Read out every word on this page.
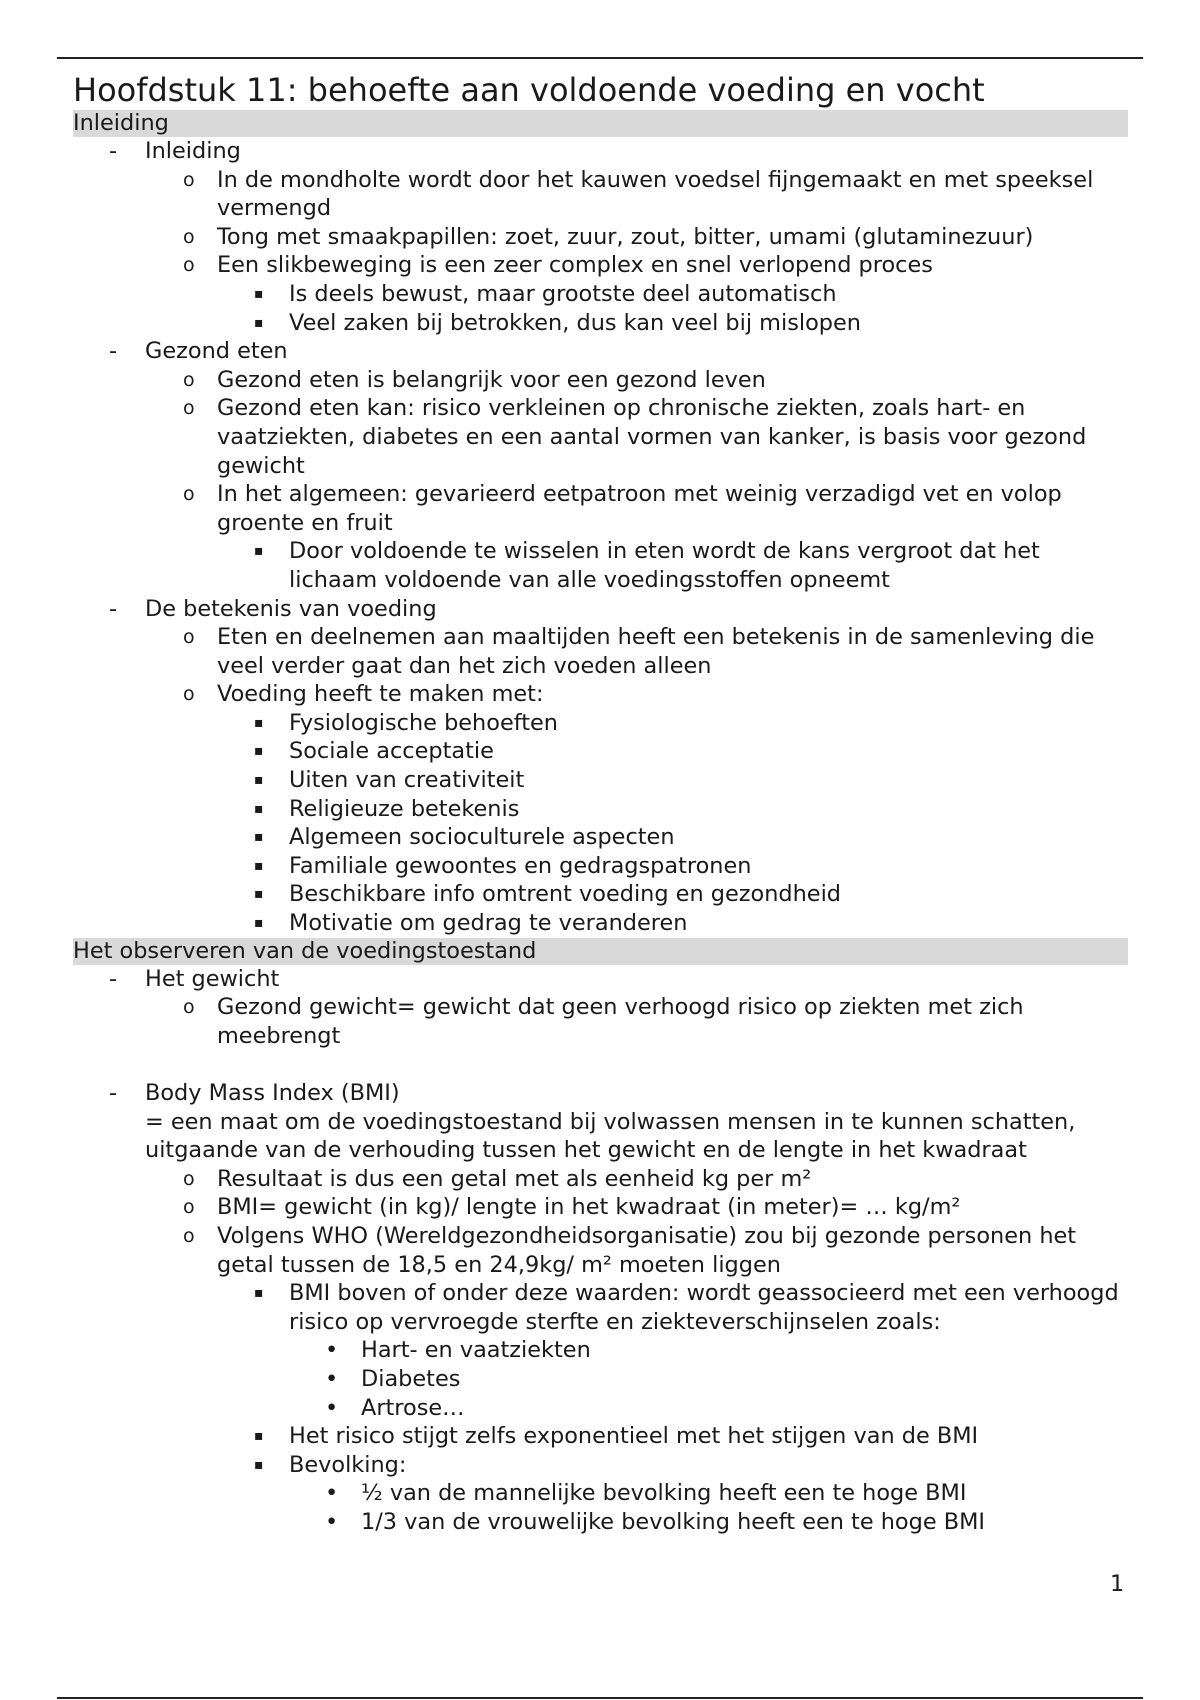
Hoofdstuk 11: behoefte aan voldoende voeding en vocht
Inleiding
- Inleiding
o In de mondholte wordt door het kauwen voedsel fijngemaakt en met speeksel vermengd
o Tong met smaakpapillen: zoet, zuur, zout, bitter, umami (glutaminezuur)
o Een slikbeweging is een zeer complex en snel verlopend proces
▪ Is deels bewust, maar grootste deel automatisch
▪ Veel zaken bij betrokken, dus kan veel bij mislopen
- Gezond eten
o Gezond eten is belangrijk voor een gezond leven
o Gezond eten kan: risico verkleinen op chronische ziekten, zoals hart- en vaatziekten, diabetes en een aantal vormen van kanker, is basis voor gezond gewicht
o In het algemeen: gevarieerd eetpatroon met weinig verzadigd vet en volop groente en fruit
▪ Door voldoende te wisselen in eten wordt de kans vergroot dat het lichaam voldoende van alle voedingsstoffen opneemt
- De betekenis van voeding
o Eten en deelnemen aan maaltijden heeft een betekenis in de samenleving die veel verder gaat dan het zich voeden alleen
o Voeding heeft te maken met:
▪ Fysiologische behoeften
▪ Sociale acceptatie
▪ Uiten van creativiteit
▪ Religieuze betekenis
▪ Algemeen socioculturele aspecten
▪ Familiale gewoontes en gedragspatronen
▪ Beschikbare info omtrent voeding en gezondheid
▪ Motivatie om gedrag te veranderen
Het observeren van de voedingstoestand
- Het gewicht
o Gezond gewicht= gewicht dat geen verhoogd risico op ziekten met zich meebrengt
- Body Mass Index (BMI)
= een maat om de voedingstoestand bij volwassen mensen in te kunnen schatten, uitgaande van de verhouding tussen het gewicht en de lengte in het kwadraat
o Resultaat is dus een getal met als eenheid kg per m²
o BMI= gewicht (in kg)/ lengte in het kwadraat (in meter)= … kg/m²
o Volgens WHO (Wereldgezondheidsorganisatie) zou bij gezonde personen het getal tussen de 18,5 en 24,9kg/ m² moeten liggen
▪ BMI boven of onder deze waarden: wordt geassocieerd met een verhoogd risico op vervroegde sterfte en ziekteverschijnselen zoals:
• Hart- en vaatziekten
• Diabetes
• Artrose…
▪ Het risico stijgt zelfs exponentieel met het stijgen van de BMI
▪ Bevolking:
• ½ van de mannelijke bevolking heeft een te hoge BMI
• 1/3 van de vrouwelijke bevolking heeft een te hoge BMI
1
